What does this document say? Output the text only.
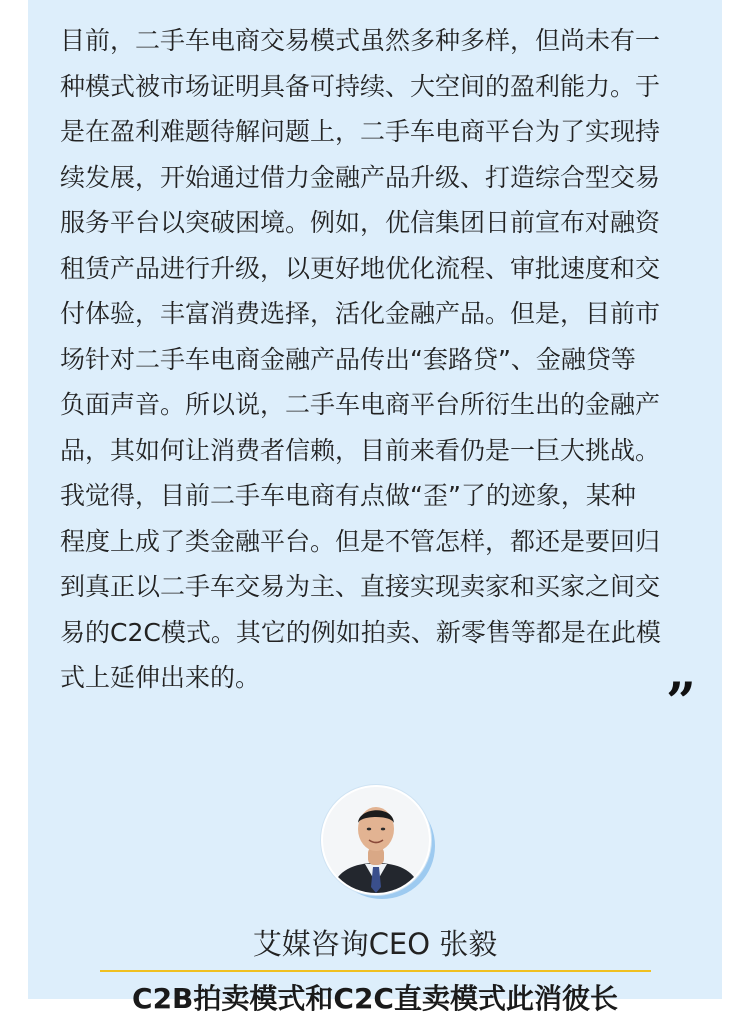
目前，二手车电商交易模式虽然多种多样，但尚未有一

种模式被市场证明具备可持续、大空间的盈利能力。于

是在盈利难题待解问题上，二手车电商平台为了实现持

续发展，开始通过借力金融产品升级、打造综合型交易

服务平台以突破困境。例如，优信集团日前宣布对融资

租赁产品进行升级，以更好地优化流程、审批速度和交

付体验，丰富消费选择，活化金融产品。但是，目前市

场针对二手车电商金融产品传出“套路贷”、金融贷等

负面声音。所以说，二手车电商平台所衍生出的金融产

品，其如何让消费者信赖，目前来看仍是一巨大挑战。

我觉得，目前二手车电商有点做“歪”了的迹象，某种

程度上成了类金融平台。但是不管怎样，都还是要回归

到真正以二手车交易为主、直接实现卖家和买家之间交

易的C2C模式。其它的例如拍卖、新零售等都是在此模

式上延伸出来的。	”
艾媒咨询CEO 张毅
C2B拍卖模式和C2C直卖模式此消彼长
